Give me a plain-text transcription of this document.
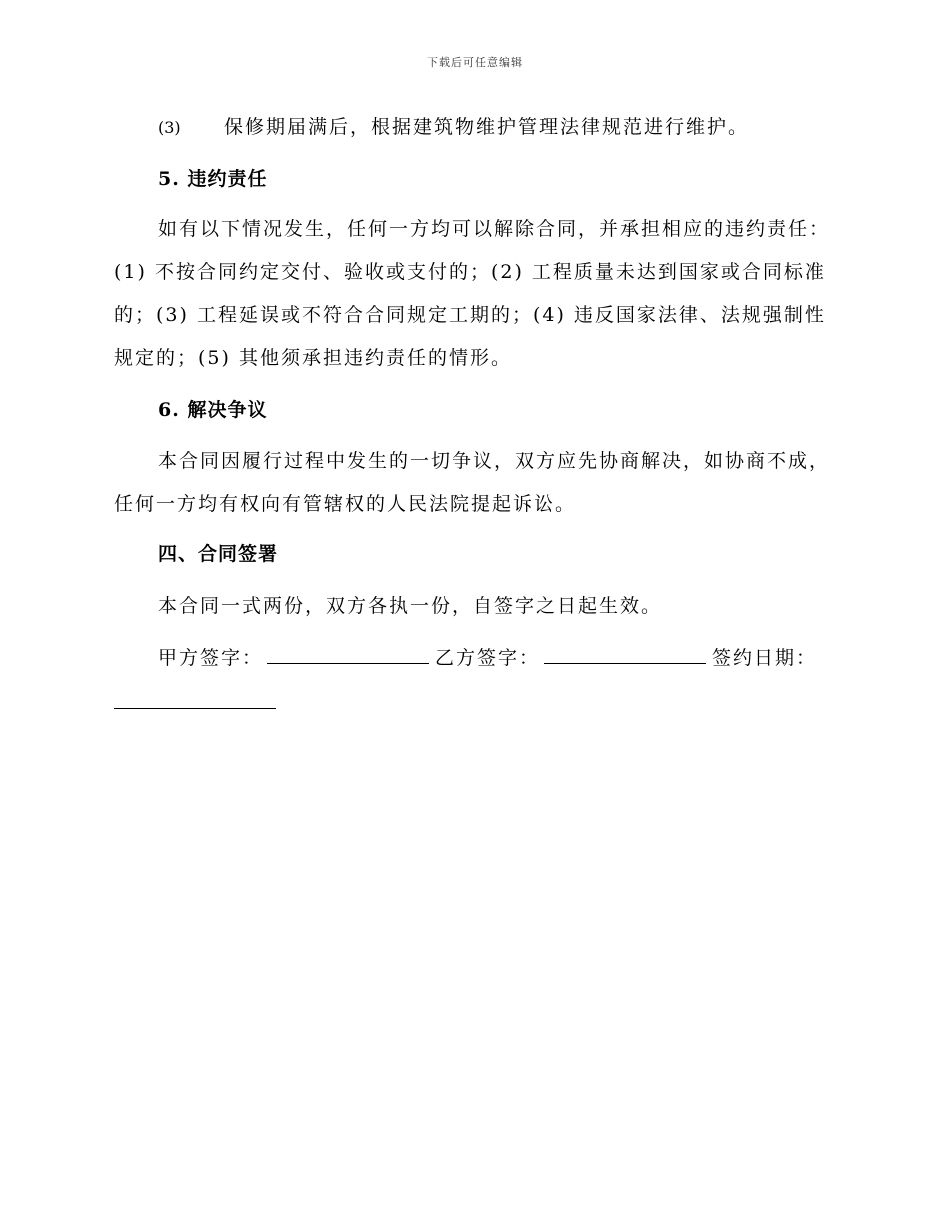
下载后可任意编辑
(3) 保修期届满后，根据建筑物维护管理法律规范进行维护。
5. 违约责任
如有以下情况发生，任何一方均可以解除合同，并承担相应的违约责任：(1) 不按合同约定交付、验收或支付的；(2) 工程质量未达到国家或合同标准的；(3) 工程延误或不符合合同规定工期的；(4) 违反国家法律、法规强制性规定的；(5) 其他须承担违约责任的情形。
6. 解决争议
本合同因履行过程中发生的一切争议，双方应先协商解决，如协商不成，任何一方均有权向有管辖权的人民法院提起诉讼。
四、合同签署
本合同一式两份，双方各执一份，自签字之日起生效。
甲方签字：	乙方签字：	签约日期：
